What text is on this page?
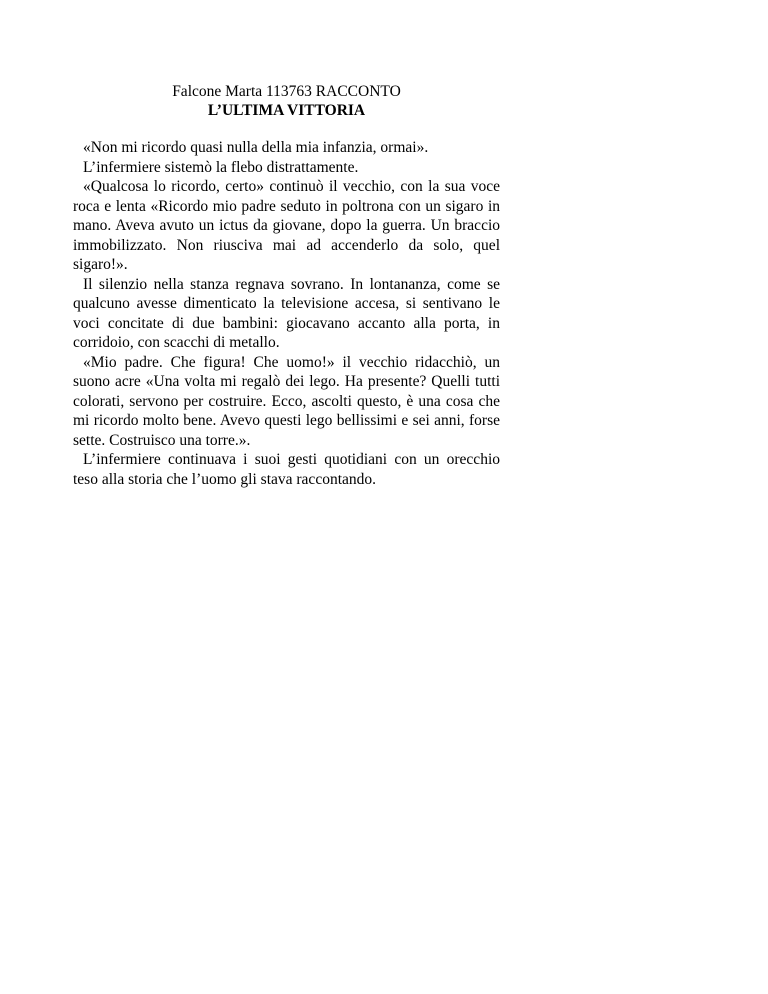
Falcone Marta 113763 RACCONTO
L’ULTIMA VITTORIA

«Non mi ricordo quasi nulla della mia infanzia, ormai».

L’infermiere sistemò la flebo distrattamente.

«Qualcosa lo ricordo, certo» continuò il vecchio, con la sua voce roca e lenta «Ricordo mio padre seduto in poltrona con un sigaro in mano. Aveva avuto un ictus da giovane, dopo la guerra. Un braccio immobilizzato. Non riusciva mai ad accenderlo da solo, quel sigaro!».

Il silenzio nella stanza regnava sovrano. In lontananza, come se qualcuno avesse dimenticato la televisione accesa, si sentivano le voci concitate di due bambini: giocavano accanto alla porta, in corridoio, con scacchi di metallo.

«Mio padre. Che figura! Che uomo!» il vecchio ridacchiò, un suono acre «Una volta mi regalò dei lego. Ha presente? Quelli tutti colorati, servono per costruire. Ecco, ascolti questo, è una cosa che mi ricordo molto bene. Avevo questi lego bellissimi e sei anni, forse sette. Costruisco una torre.».

L’infermiere continuava i suoi gesti quotidiani con un orecchio teso alla storia che l’uomo gli stava raccontando.
